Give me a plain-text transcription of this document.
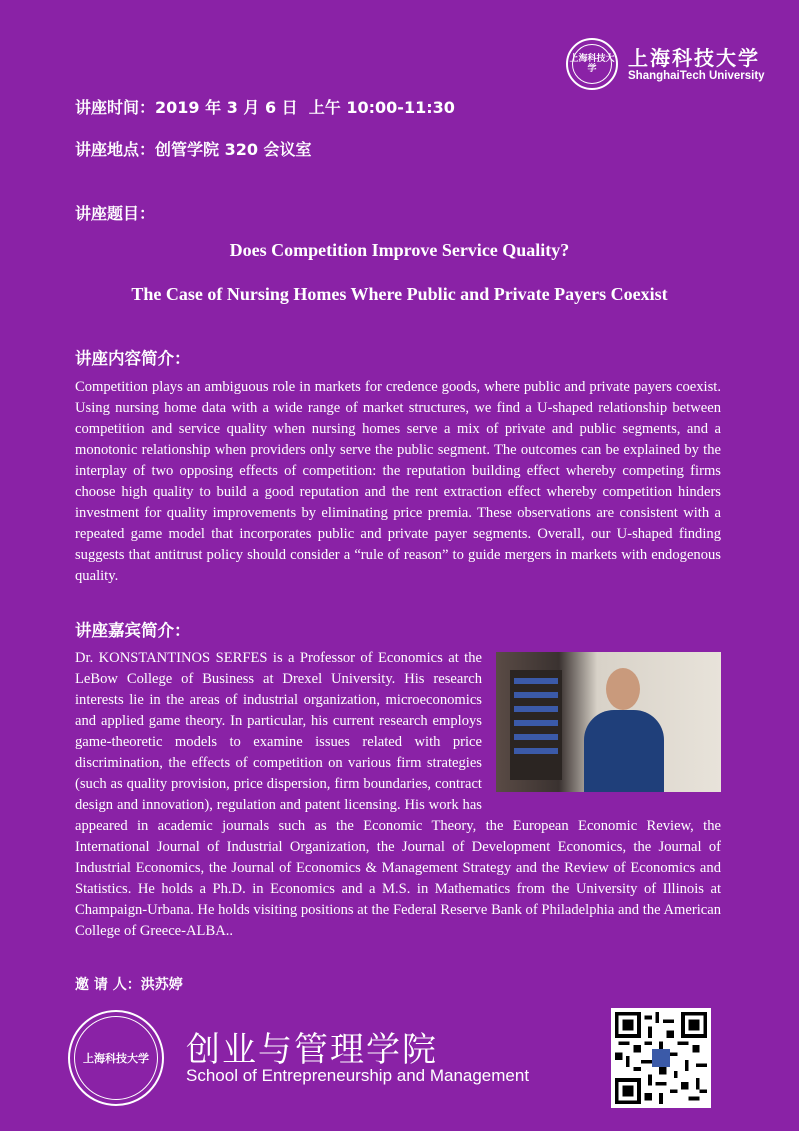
上海科技大学	上海科技大学
ShanghaiTech University
讲座时间：2019 年 3 月 6 日  上午 10:00-11:30
讲座地点：创管学院 320 会议室
讲座题目：
Does Competition Improve Service Quality?
The Case of Nursing Homes Where Public and Private Payers Coexist
讲座内容简介：

Competition plays an ambiguous role in markets for credence goods, where public and private payers coexist. Using nursing home data with a wide range of market structures, we find a U-shaped relationship between competition and service quality when nursing homes serve a mix of private and public segments, and a monotonic relationship when providers only serve the public segment. The outcomes can be explained by the interplay of two opposing effects of competition: the reputation building effect whereby competing firms choose high quality to build a good reputation and the rent extraction effect whereby competition hinders investment for quality improvements by eliminating price premia. These observations are consistent with a repeated game model that incorporates public and private payer segments. Overall, our U-shaped finding suggests that antitrust policy should consider a “rule of reason” to guide mergers in markets with endogenous quality.

讲座嘉宾简介：
Dr. KONSTANTINOS SERFES is a Professor of Economics at the LeBow College of Business at Drexel University. His research interests lie in the areas of industrial organization, microeconomics and applied game theory. In particular, his current research employs game-theoretic models to examine issues related with price discrimination, the effects of competition on various firm strategies (such as quality provision, price dispersion, firm boundaries, contract design and innovation), regulation and patent licensing. His work has appeared in academic journals such as the Economic Theory, the European Economic Review, the International Journal of Industrial Organization, the Journal of Development Economics, the Journal of Industrial Economics, the Journal of Economics & Management Strategy and the Review of Economics and Statistics. He holds a Ph.D. in Economics and a M.S. in Mathematics from the University of Illinois at Champaign-Urbana. He holds visiting positions at the Federal Reserve Bank of Philadelphia and the American College of Greece-ALBA..
邀 请 人：洪苏婷
上海科技大学 创业与管理学院
School of Entrepreneurship and Management
